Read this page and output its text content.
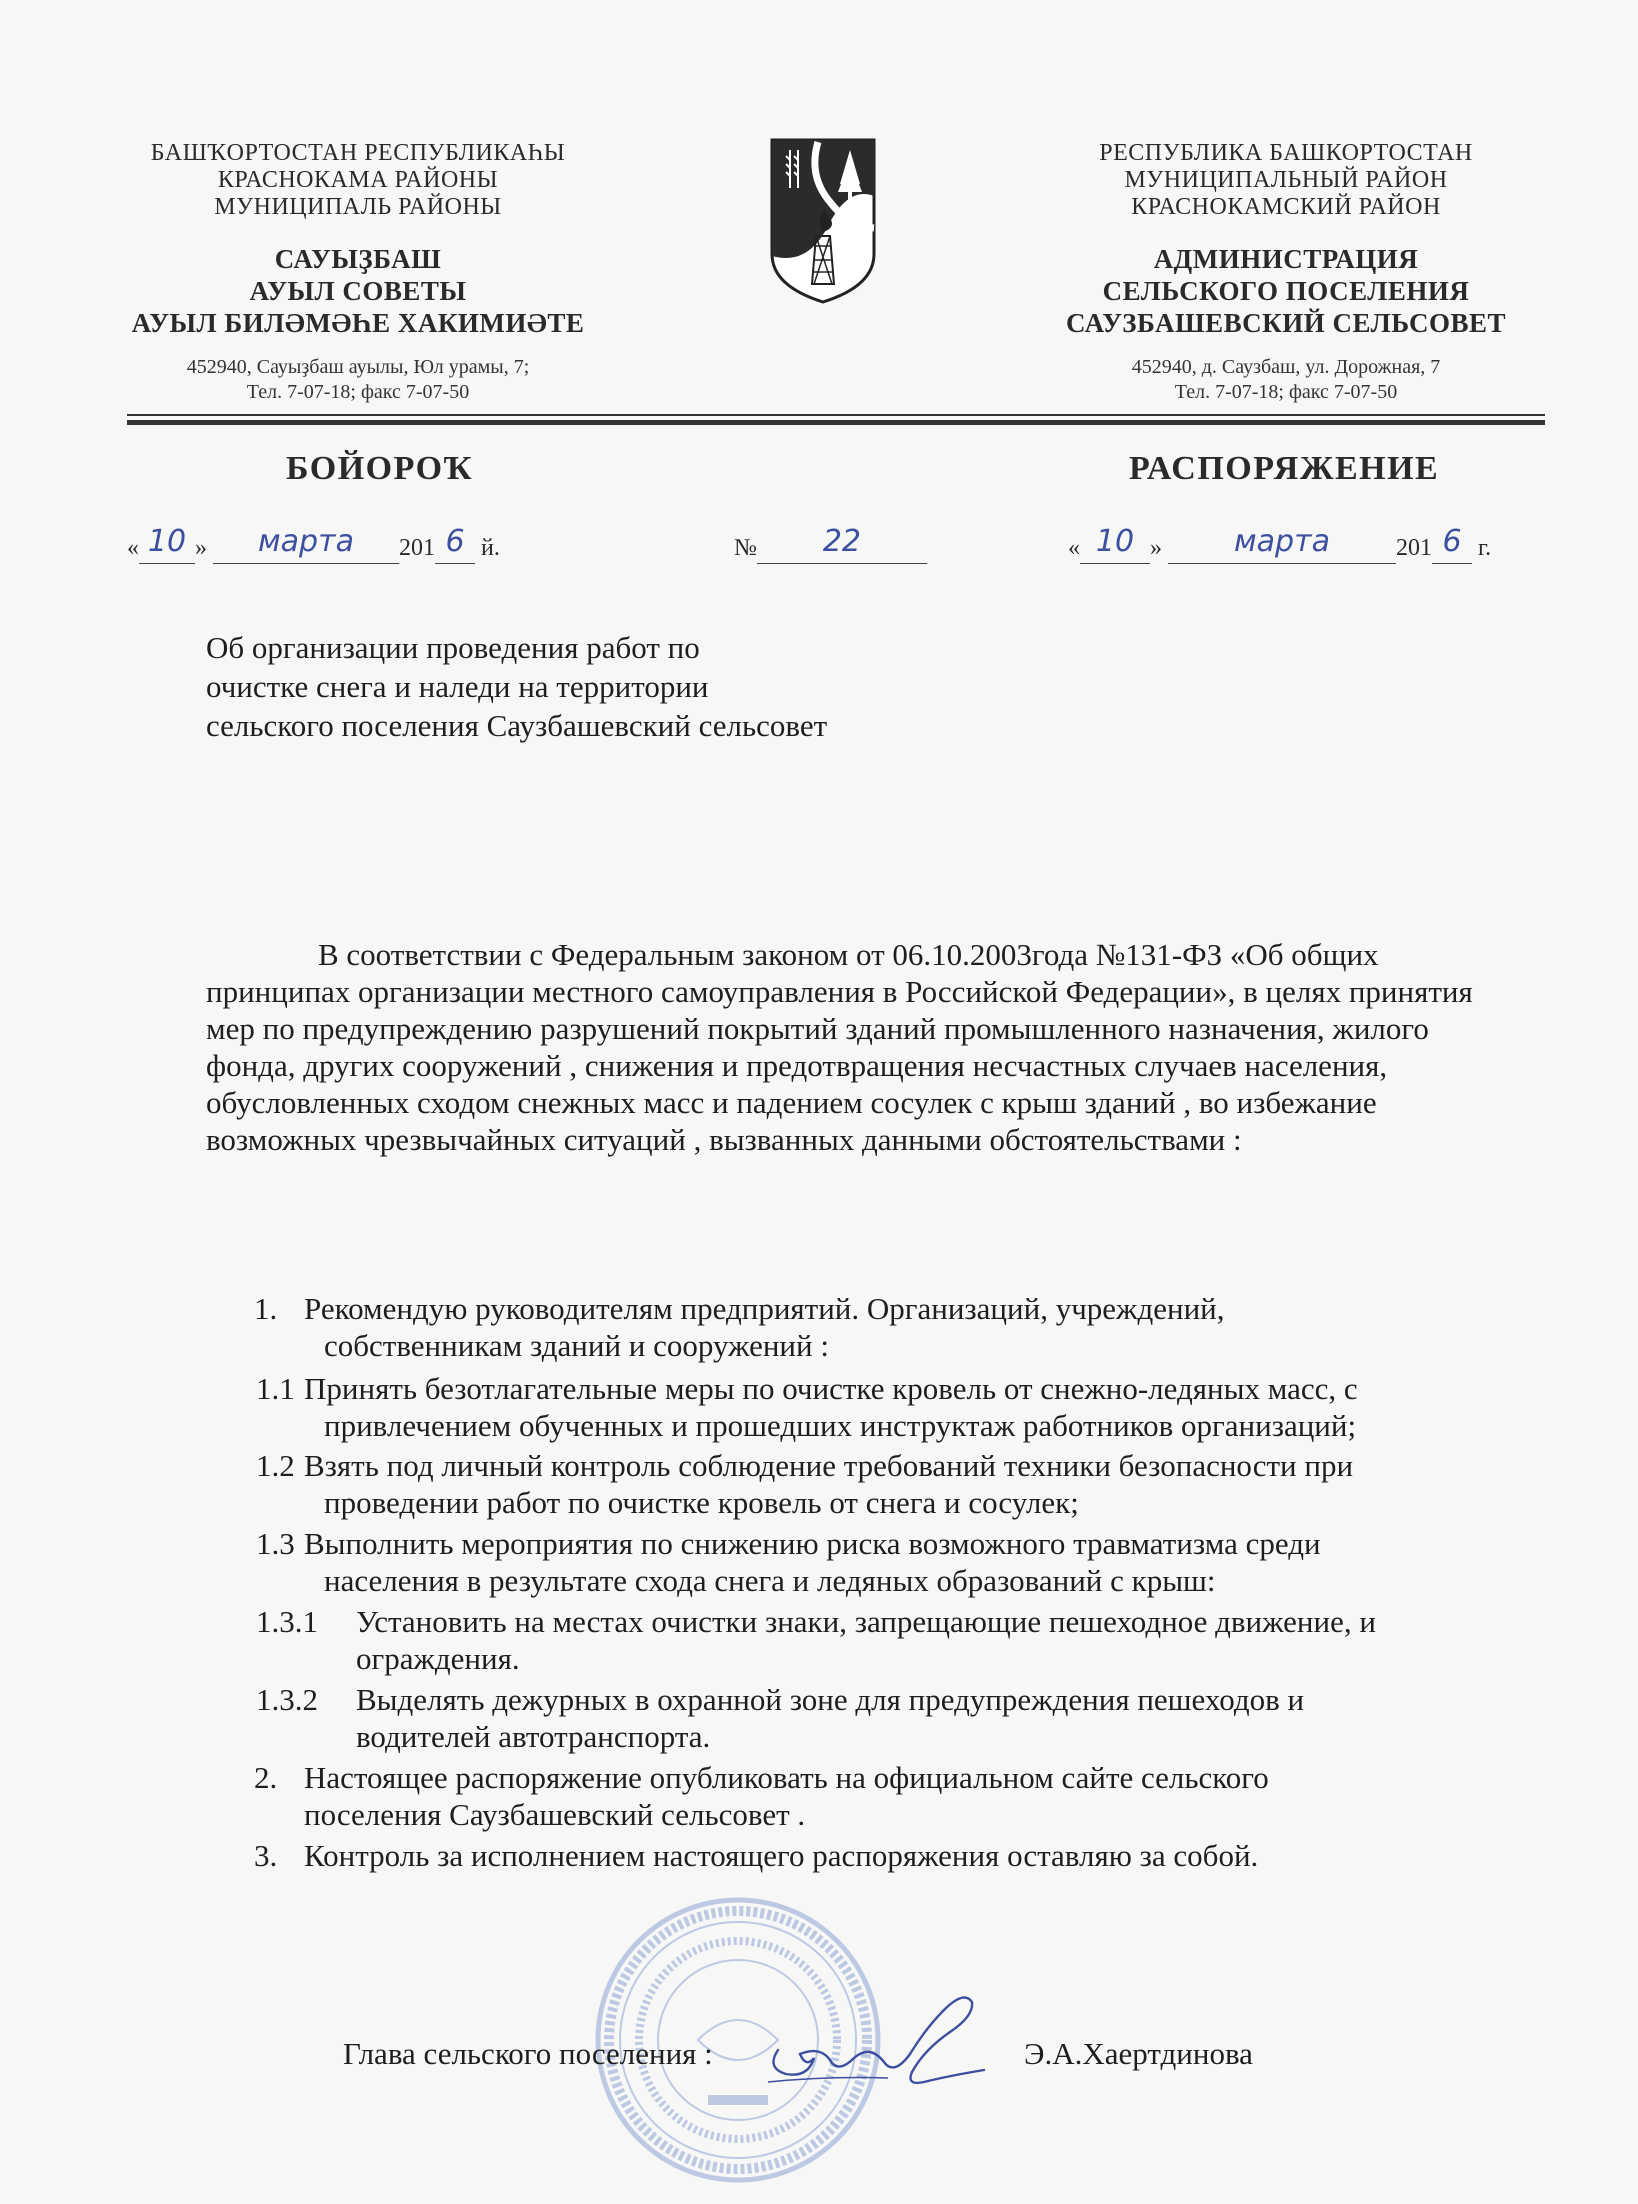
БАШҠОРТОСТАН РЕСПУБЛИКАҺЫ
КРАСНОКАМА РАЙОНЫ
МУНИЦИПАЛЬ РАЙОНЫ
САУЫҘБАШ
АУЫЛ СОВЕТЫ
АУЫЛ БИЛӘМӘҺЕ ХАКИМИӘТЕ
452940, Сауыҙбаш ауылы, Юл урамы, 7;
Тел. 7-07-18; факс 7-07-50
РЕСПУБЛИКА БАШКОРТОСТАН
МУНИЦИПАЛЬНЫЙ РАЙОН
КРАСНОКАМСКИЙ РАЙОН
АДМИНИСТРАЦИЯ
СЕЛЬСКОГО ПОСЕЛЕНИЯ
САУЗБАШЕВСКИЙ СЕЛЬСОВЕТ
452940, д. Саузбаш, ул. Дорожная, 7
Тел. 7-07-18; факс 7-07-50
БОЙОРОҠ	РАСПОРЯЖЕНИЕ
« 10 » марта 201 6 й.	№ 22	« 10 » марта	201 6 г.
Об организации проведения работ по
очистке снега и наледи на территории
сельского поселения Саузбашевский сельсовет
В соответствии с Федеральным законом от 06.10.2003года №131-ФЗ «Об общих принципах организации местного самоуправления в Российской Федерации», в целях принятия мер по предупреждению разрушений покрытий зданий промышленного назначения, жилого фонда, других сооружений , снижения и предотвращения несчастных случаев населения, обусловленных сходом снежных масс и падением сосулек с крыш зданий , во избежание возможных чрезвычайных ситуаций , вызванных данными обстоятельствами :
1. Рекомендую руководителям предприятий. Организаций, учреждений,
собственникам зданий и сооружений :
1.1 Принять безотлагательные меры по очистке кровель от снежно-ледяных масс, с
привлечением обученных и прошедших инструктаж работников организаций;
1.2 Взять под личный контроль соблюдение требований техники безопасности при
проведении работ по очистке кровель от снега и сосулек;
1.3 Выполнить мероприятия по снижению риска возможного травматизма среди
населения в результате схода снега и ледяных образований с крыш:
1.3.1 Установить на местах очистки знаки, запрещающие пешеходное движение, и
ограждения.
1.3.2 Выделять дежурных в охранной зоне для предупреждения пешеходов и
водителей автотранспорта.
2. Настоящее распоряжение опубликовать на официальном сайте сельского
поселения Саузбашевский сельсовет .
3. Контроль за исполнением настоящего распоряжения оставляю за собой.
Глава сельского поселения :	Э.А.Хаертдинова
